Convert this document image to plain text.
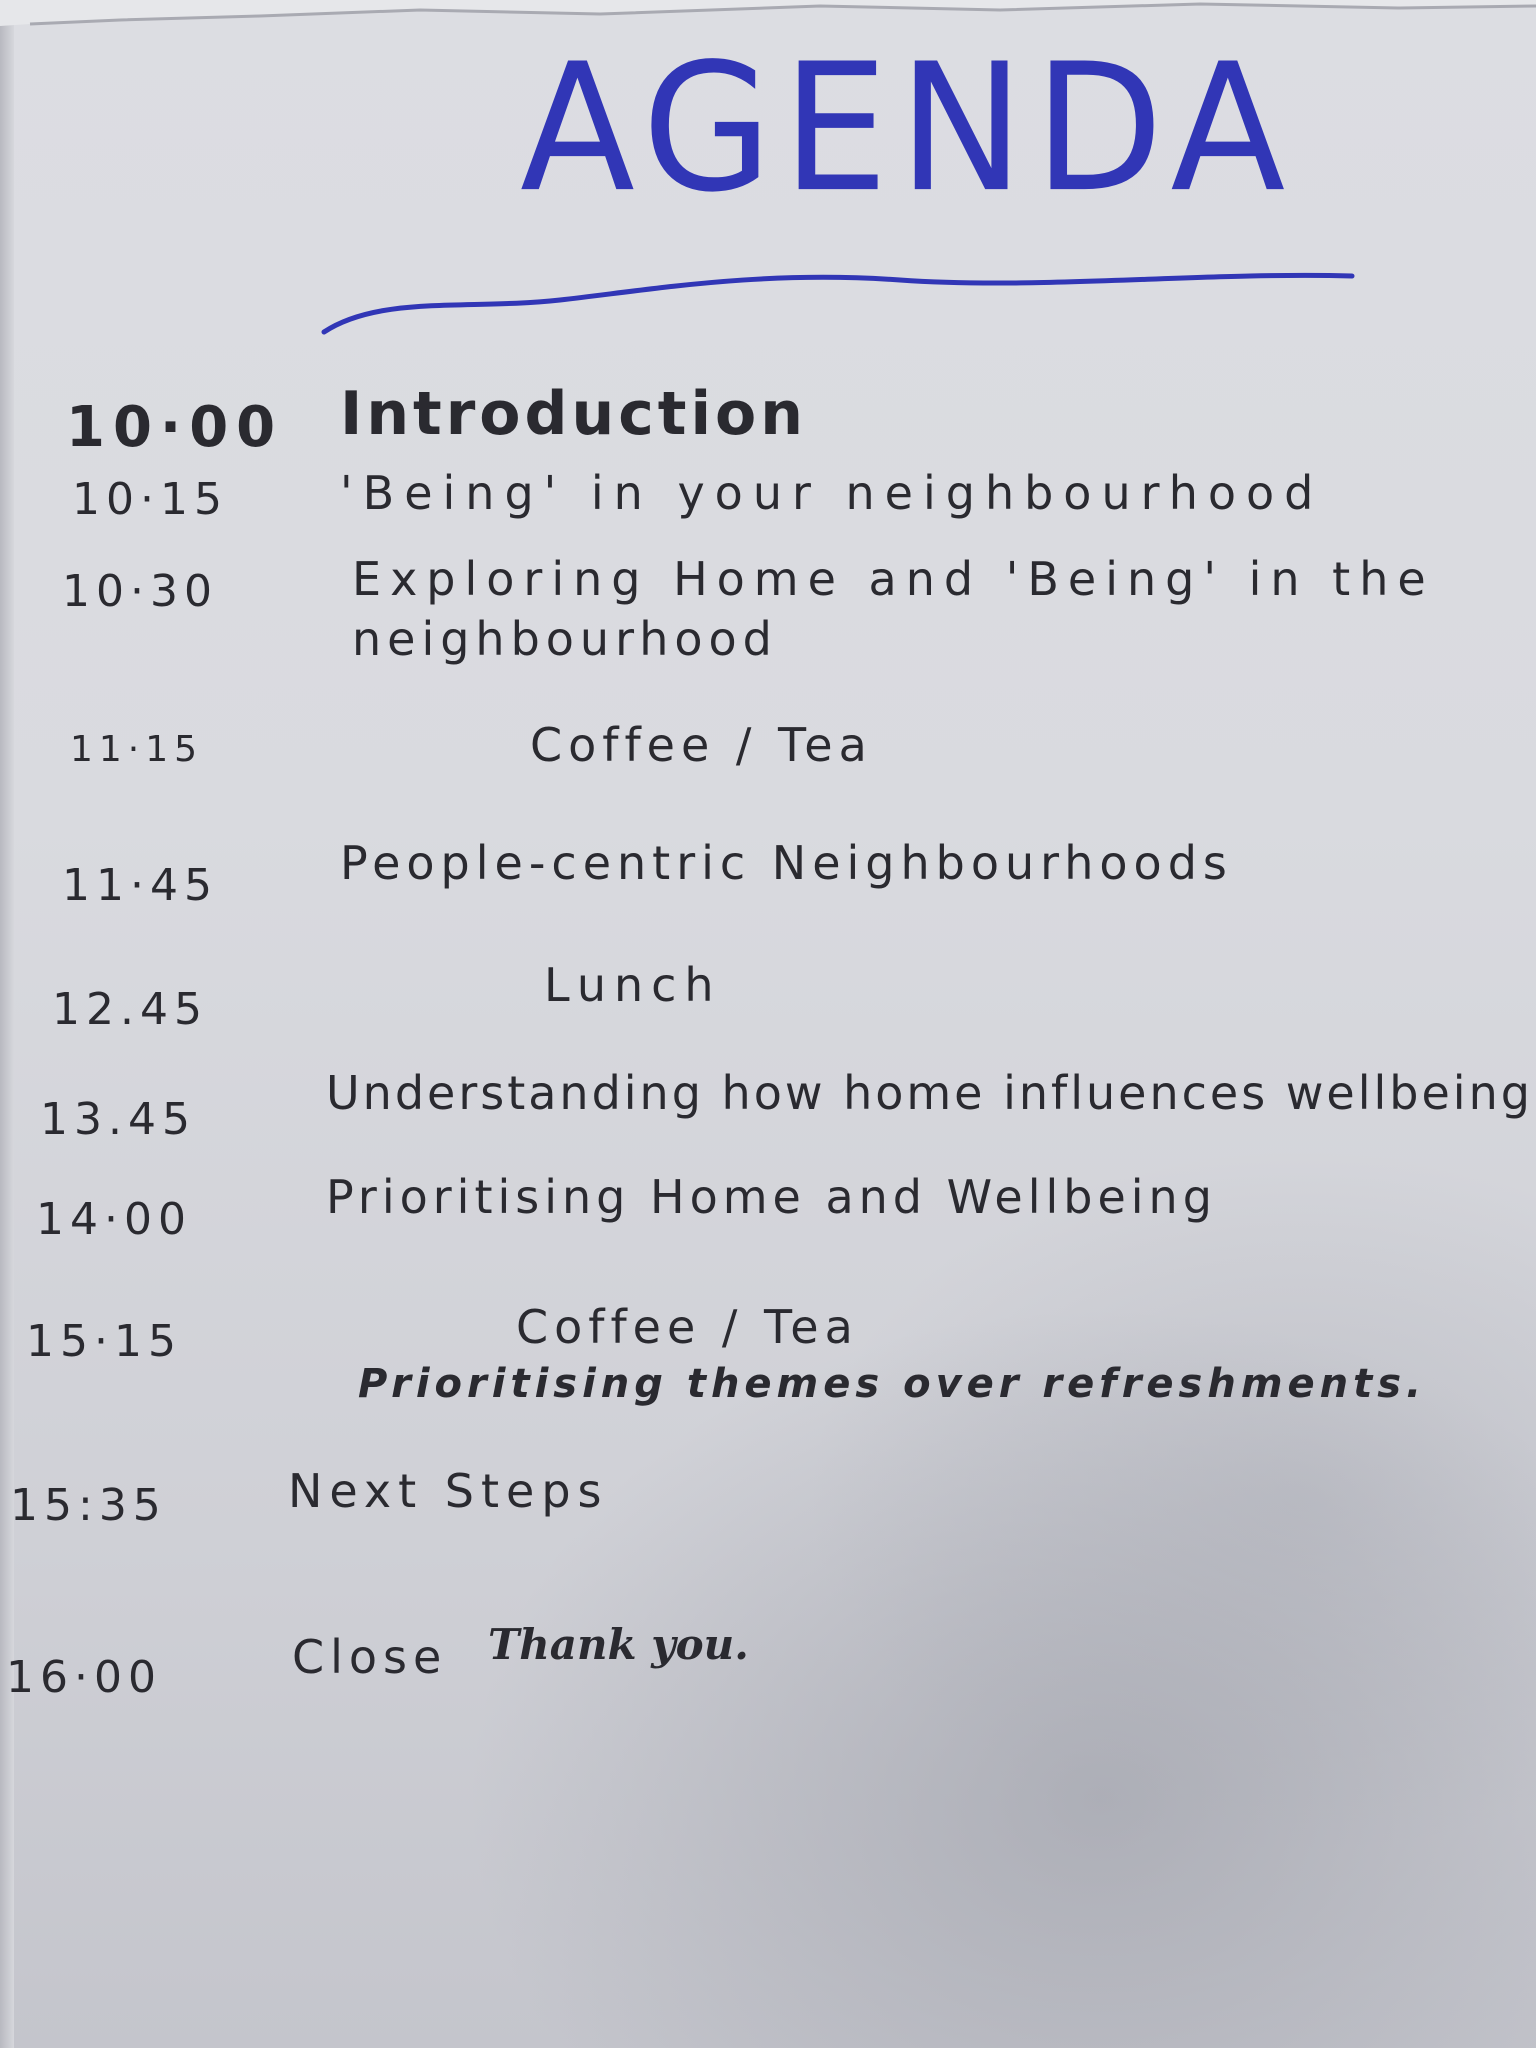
AGENDA
10·00 Introduction
10·15 'Being' in your neighbourhood
10·30	Exploring Home and 'Being' in the
neighbourhood
11·15	Coffee / Tea
11·45	People-centric Neighbourhoods
12.45	Lunch
13.45	Understanding how home influences wellbeing
14·00	Prioritising Home and Wellbeing
15·15	Coffee / Tea
Prioritising themes over refreshments.
15:35	Next Steps
16·00	Close Thank you.
